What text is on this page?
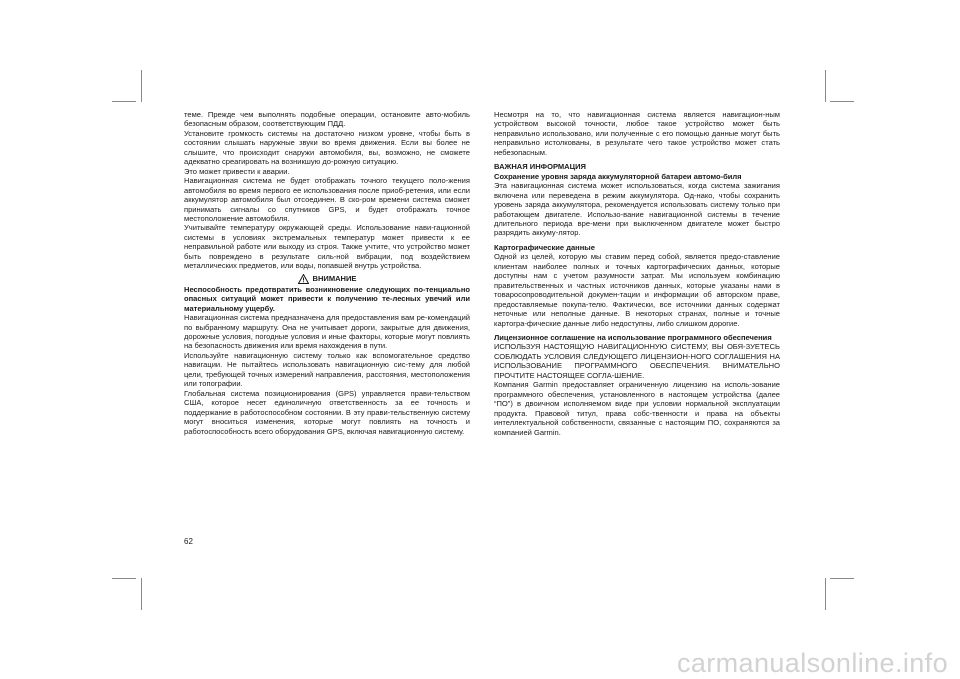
теме. Прежде чем выполнять подобные операции, остановите авто-мобиль безопасным образом, соответствующим ПДД.

Установите громкость системы на достаточно низком уровне, чтобы быть в состоянии слышать наружные звуки во время движения. Если вы более не слышите, что происходит снаружи автомобиля, вы, возможно, не сможете адекватно среагировать на возникшую до-рожную ситуацию.

Это может привести к аварии.

Навигационная система не будет отображать точного текущего поло-жения автомобиля во время первого ее использования после приоб-ретения, или если аккумулятор автомобиля был отсоединен. В ско-ром времени система сможет принимать сигналы со спутников GPS, и будет отображать точное местоположение автомобиля.

Учитывайте температуру окружающей среды. Использование нави-гационной системы в условиях экстремальных температур может привести к ее неправильной работе или выходу из строя. Также учтите, что устройство может быть повреждено в результате силь-ной вибрации, под воздействием металлических предметов, или воды, попавшей внутрь устройства.

ВНИМАНИЕ

Неспособность предотвратить возникновение следующих по-тенциально опасных ситуаций может привести к получению те-лесных увечий или материальному ущербу.

Навигационная система предназначена для предоставления вам ре-комендаций по выбранному маршруту. Она не учитывает дороги, закрытые для движения, дорожные условия, погодные условия и иные факторы, которые могут повлиять на безопасность движения или время нахождения в пути.

Используйте навигационную систему только как вспомогательное средство навигации. Не пытайтесь использовать навигационную сис-тему для любой цели, требующей точных измерений направления, расстояния, местоположения или топографии.

Глобальная система позиционирования (GPS) управляется прави-тельством США, которое несет единоличную ответственность за ее точность и поддержание в работоспособном состоянии. В эту прави-тельственную систему могут вноситься изменения, которые могут повлиять на точность и работоспособность всего оборудования GPS, включая навигационную систему.

Несмотря на то, что навигационная система является навигацион-ным устройством высокой точности, любое такое устройство может быть неправильно использовано, или полученные с его помощью данные могут быть неправильно истолкованы, в результате чего такое устройство может стать небезопасным.

ВАЖНАЯ ИНФОРМАЦИЯ

Сохранение уровня заряда аккумуляторной батареи автомо-биля

Эта навигационная система может использоваться, когда система зажигания включена или переведена в режим аккумулятора. Од-нако, чтобы сохранить уровень заряда аккумулятора, рекомендуется использовать систему только при работающем двигателе. Использо-вание навигационной системы в течение длительного периода вре-мени при выключенном двигателе может быстро разрядить аккуму-лятор.

Картографические данные

Одной из целей, которую мы ставим перед собой, является предо-ставление клиентам наиболее полных и точных картографических данных, которые доступны нам с учетом разумности затрат. Мы используем комбинацию правительственных и частных источников данных, которые указаны нами в товаросопроводительной докумен-тации и информации об авторском праве, предоставляемые покупа-телю. Фактически, все источники данных содержат неточные или неполные данные. В некоторых странах, полные и точные картогра-фические данные либо недоступны, либо слишком дорогие.

Лицензионное соглашение на использование программного обеспечения

ИСПОЛЬЗУЯ НАСТОЯЩУЮ НАВИГАЦИОННУЮ СИСТЕМУ, ВЫ ОБЯ-ЗУЕТЕСЬ СОБЛЮДАТЬ УСЛОВИЯ СЛЕДУЮЩЕГО ЛИЦЕНЗИОН-НОГО СОГЛАШЕНИЯ НА ИСПОЛЬЗОВАНИЕ ПРОГРАММНОГО ОБЕСПЕЧЕНИЯ. ВНИМАТЕЛЬНО ПРОЧТИТЕ НАСТОЯЩЕЕ СОГЛА-ШЕНИЕ.

Компания Garmin предоставляет ограниченную лицензию на исполь-зование программного обеспечения, установленного в настоящем устройства (далее “ПО”) в двоичном исполняемом виде при условии нормальной эксплуатации продукта. Правовой титул, права собс-твенности и права на объекты интеллектуальной собственности, связанные с настоящим ПО, сохраняются за компанией Garmin.

62
carmanualsonline.info
